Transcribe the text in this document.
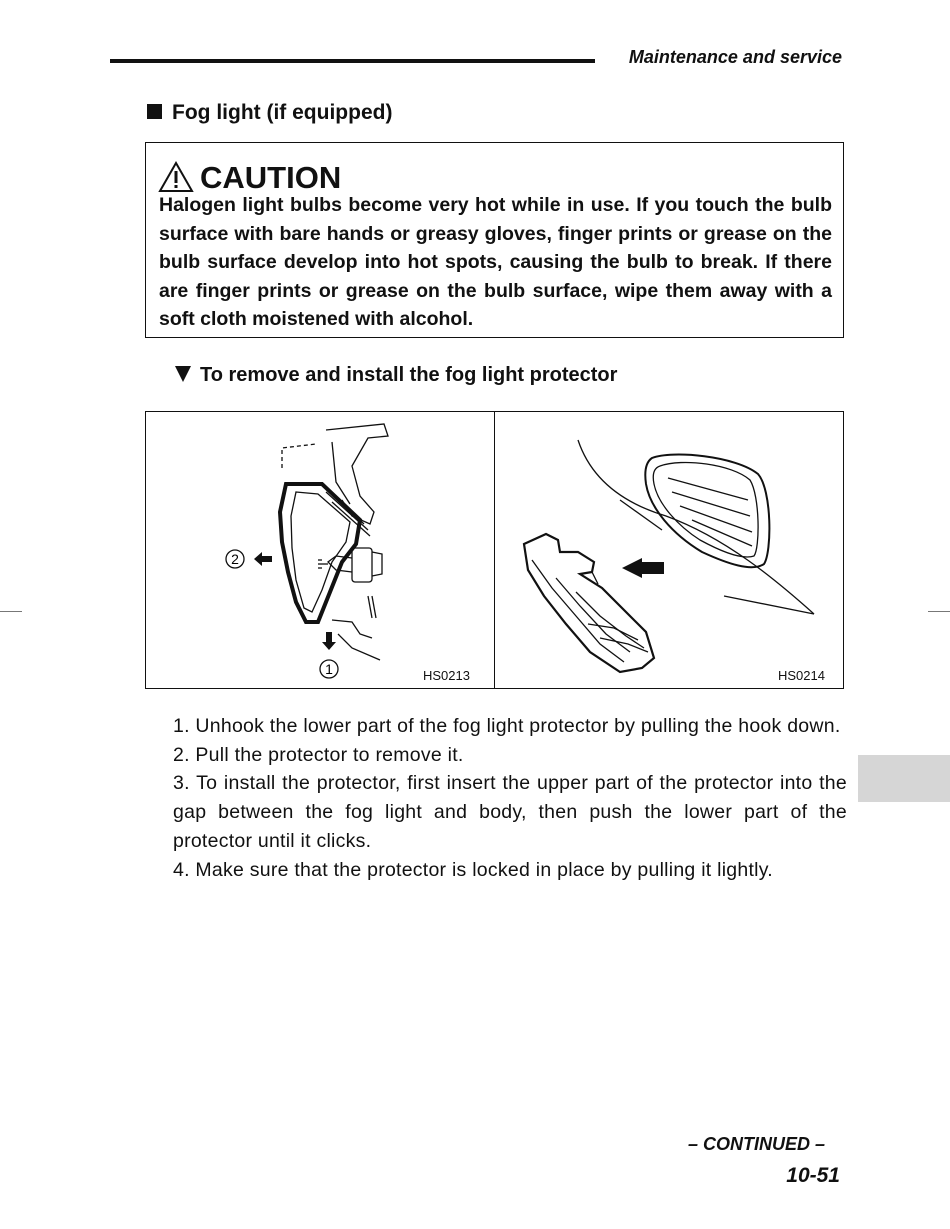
Maintenance and service
Fog light (if equipped)
CAUTION
Halogen light bulbs become very hot while in use. If you touch the bulb surface with bare hands or greasy gloves, finger prints or grease on the bulb surface develop into hot spots, causing the bulb to break. If there are finger prints or grease on the bulb surface, wipe them away with a soft cloth moistened with alcohol.
To remove and install the fog light protector
2
1	HS0213	HS0214

1. Unhook the lower part of the fog light protector by pulling the hook down.

2. Pull the protector to remove it.

3. To install the protector, first insert the upper part of the protector into the gap between the fog light and body, then push the lower part of the protector until it clicks.

4. Make sure that the protector is locked in place by pulling it lightly.

– CONTINUED –
10-51
